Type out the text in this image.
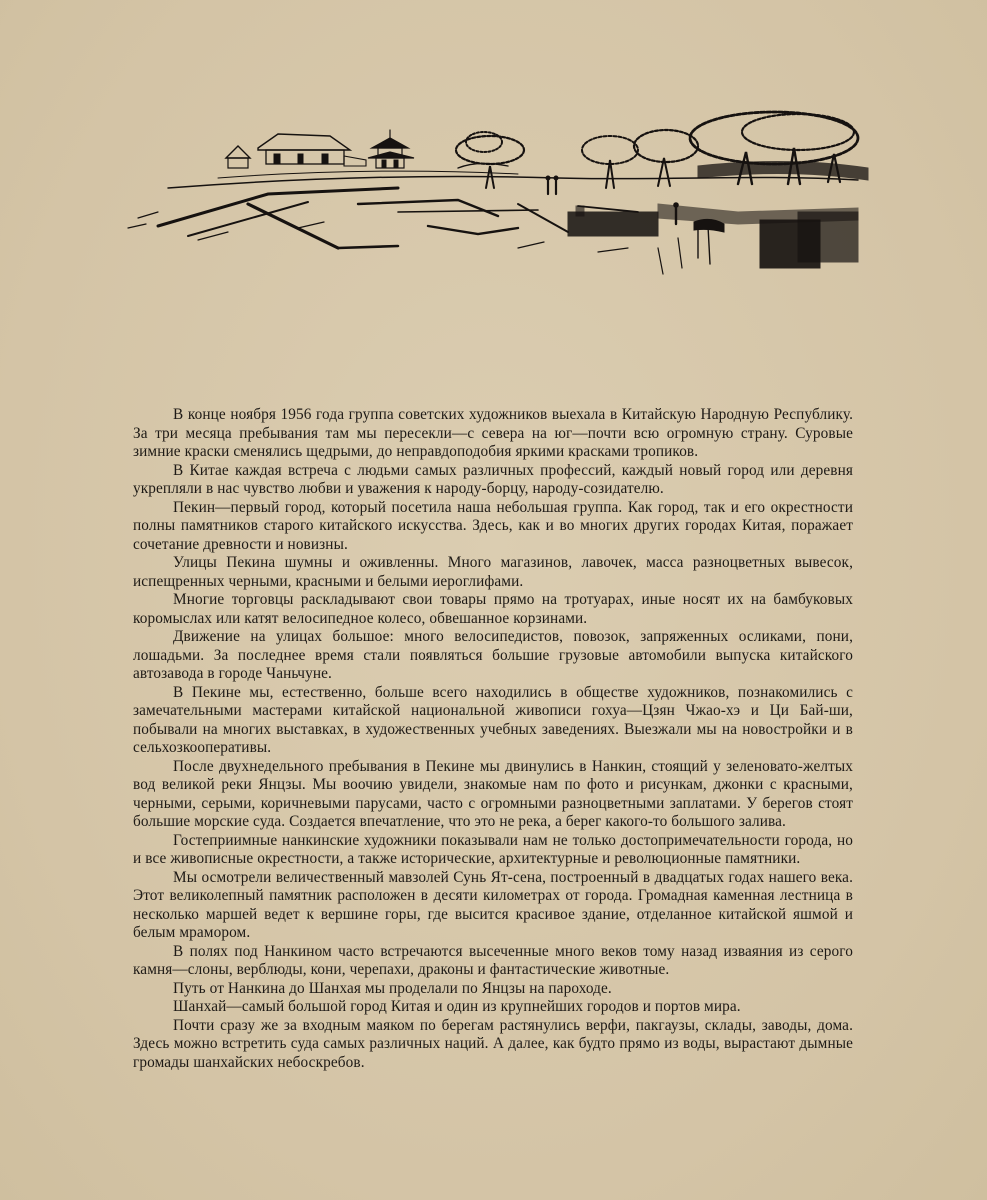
В конце ноября 1956 года группа советских художников выехала в Китайскую Народную Республику. За три месяца пребывания там мы пересекли—с севера на юг—почти всю огромную страну. Суровые зимние краски сменялись щедрыми, до неправдоподобия яркими красками тропиков.

В Китае каждая встреча с людьми самых различных профессий, каждый новый город или деревня укрепляли в нас чувство любви и уважения к народу-борцу, народу-созидателю.

Пекин—первый город, который посетила наша небольшая группа. Как город, так и его окрестности полны памятников старого китайского искусства. Здесь, как и во многих других городах Китая, поражает сочетание древности и новизны.

Улицы Пекина шумны и оживленны. Много магазинов, лавочек, масса разноцветных вывесок, испещренных черными, красными и белыми иероглифами.

Многие торговцы раскладывают свои товары прямо на тротуарах, иные носят их на бамбуковых коромыслах или катят велосипедное колесо, обвешанное корзинами.

Движение на улицах большое: много велосипедистов, повозок, запряженных осликами, пони, лошадьми. За последнее время стали появляться большие грузовые автомобили выпуска китайского автозавода в городе Чаньчуне.

В Пекине мы, естественно, больше всего находились в обществе художников, познакомились с замечательными мастерами китайской национальной живописи гохуа—Цзян Чжао-хэ и Ци Бай-ши, побывали на многих выставках, в художественных учебных заведениях. Выезжали мы на новостройки и в сельхозкооперативы.

После двухнедельного пребывания в Пекине мы двинулись в Нанкин, стоящий у зеленовато-желтых вод великой реки Янцзы. Мы воочию увидели, знакомые нам по фото и рисункам, джонки с красными, черными, серыми, коричневыми парусами, часто с огромными разноцветными заплатами. У берегов стоят большие морские суда. Создается впечатление, что это не река, а берег какого-то большого залива.

Гостеприимные нанкинские художники показывали нам не только достопримечательности города, но и все живописные окрестности, а также исторические, архитектурные и революционные памятники.

Мы осмотрели величественный мавзолей Сунь Ят-сена, построенный в двадцатых годах нашего века. Этот великолепный памятник расположен в десяти километрах от города. Громадная каменная лестница в несколько маршей ведет к вершине горы, где высится красивое здание, отделанное китайской яшмой и белым мрамором.

В полях под Нанкином часто встречаются высеченные много веков тому назад изваяния из серого камня—слоны, верблюды, кони, черепахи, драконы и фантастические животные.

Путь от Нанкина до Шанхая мы проделали по Янцзы на пароходе.

Шанхай—самый большой город Китая и один из крупнейших городов и портов мира.

Почти сразу же за входным маяком по берегам растянулись верфи, пакгаузы, склады, заводы, дома. Здесь можно встретить суда самых различных наций. А далее, как будто прямо из воды, вырастают дымные громады шанхайских небоскребов.
